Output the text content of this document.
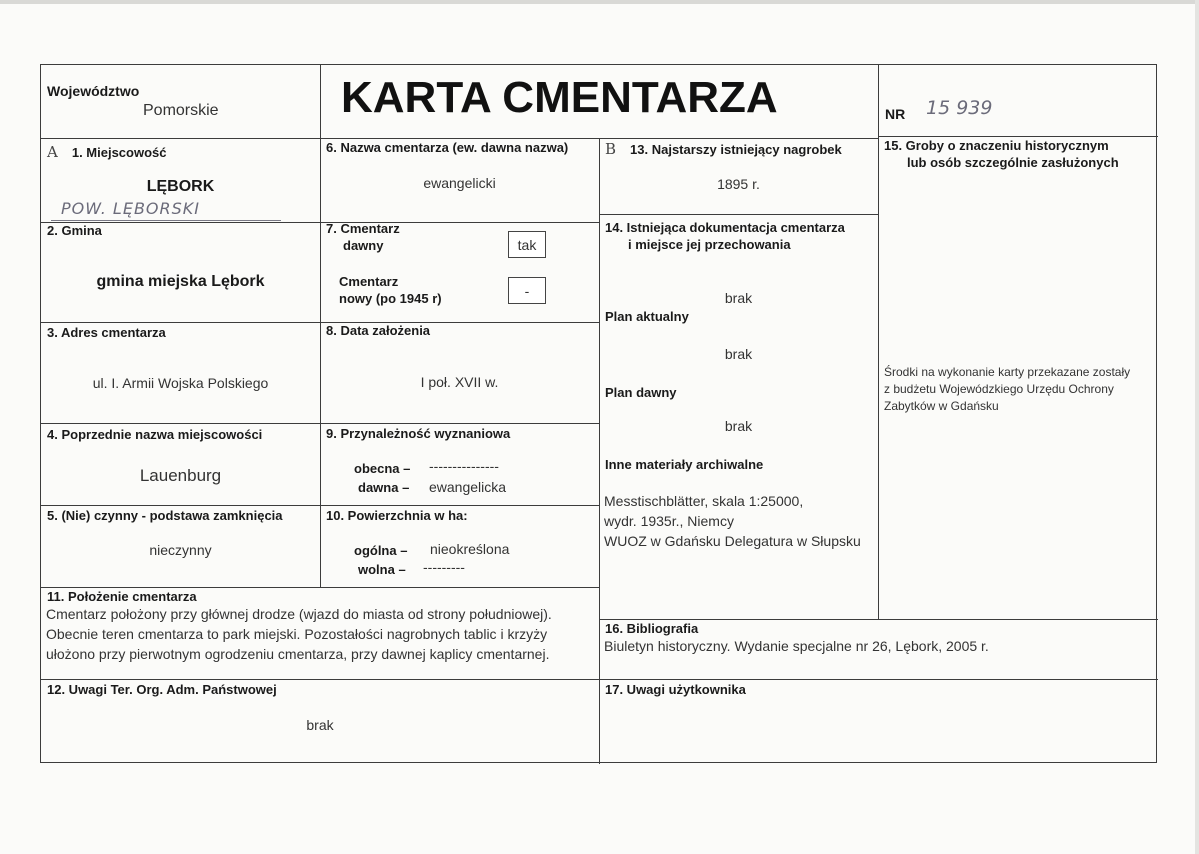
Województwo
Pomorskie	KARTA CMENTARZA	NR 15 939
A 1. Miejscowość
LĘBORK
POW. LĘBORSKI
2. Gmina
gmina miejska Lębork
3. Adres cmentarza
ul. I. Armii Wojska Polskiego
4. Poprzednie nazwa miejscowości
Lauenburg
5. (Nie) czynny - podstawa zamknięcia
nieczynny
6. Nazwa cmentarza (ew. dawna nazwa)
ewangelicki
7. Cmentarz
dawny	tak
Cmentarz
nowy (po 1945 r)	-
8. Data założenia
I poł. XVII w.
9. Przynależność wyznaniowa
obecna – ---------------
dawna – ewangelicka
10. Powierzchnia w ha:
ogólna – nieokreślona
wolna – ---------
11. Położenie cmentarza
Cmentarz położony przy głównej drodze (wjazd do miasta od strony południowej).
Obecnie teren cmentarza to park miejski. Pozostałości nagrobnych tablic i krzyży
ułożono przy pierwotnym ogrodzeniu cmentarza, przy dawnej kaplicy cmentarnej.
B 13. Najstarszy istniejący nagrobek
1895 r.
14. Istniejąca dokumentacja cmentarza
i miejsce jej przechowania
brak
Plan aktualny
brak
Plan dawny
brak
Inne materiały archiwalne
Messtischblätter, skala 1:25000,
wydr. 1935r., Niemcy
WUOZ w Gdańsku Delegatura w Słupsku
15. Groby o znaczeniu historycznym
lub osób szczególnie zasłużonych
Środki na wykonanie karty przekazane zostały
z budżetu Wojewódzkiego Urzędu Ochrony
Zabytków w Gdańsku
16. Bibliografia
Biuletyn historyczny. Wydanie specjalne nr 26, Lębork, 2005 r.
12. Uwagi Ter. Org. Adm. Państwowej
brak
17. Uwagi użytkownika
